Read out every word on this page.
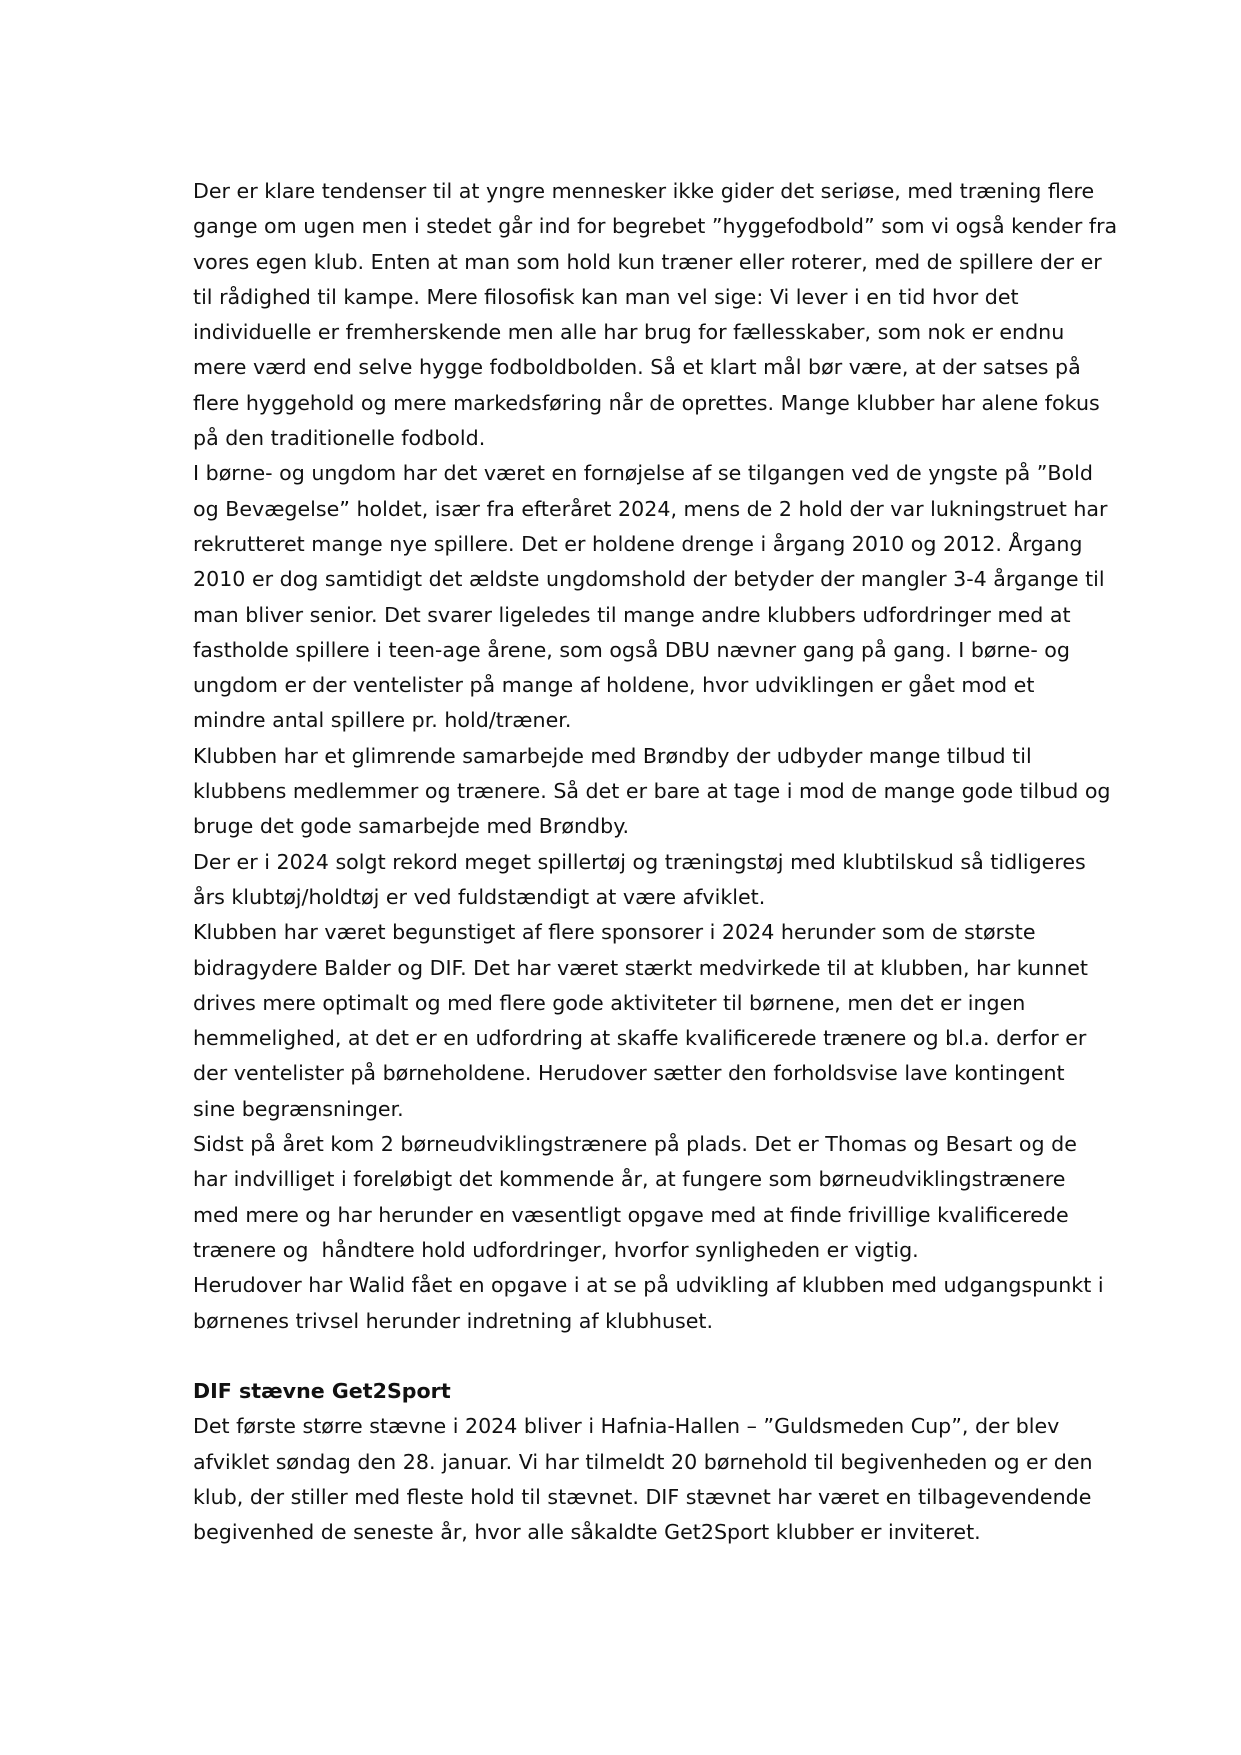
Der er klare tendenser til at yngre mennesker ikke gider det seriøse, med træning flere
gange om ugen men i stedet går ind for begrebet ”hyggefodbold” som vi også kender fra
vores egen klub. Enten at man som hold kun træner eller roterer, med de spillere der er
til rådighed til kampe. Mere filosofisk kan man vel sige: Vi lever i en tid hvor det
individuelle er fremherskende men alle har brug for fællesskaber, som nok er endnu
mere værd end selve hygge fodboldbolden. Så et klart mål bør være, at der satses på
flere hyggehold og mere markedsføring når de oprettes. Mange klubber har alene fokus
på den traditionelle fodbold.
I børne- og ungdom har det været en fornøjelse af se tilgangen ved de yngste på ”Bold
og Bevægelse” holdet, især fra efteråret 2024, mens de 2 hold der var lukningstruet har
rekrutteret mange nye spillere. Det er holdene drenge i årgang 2010 og 2012. Årgang
2010 er dog samtidigt det ældste ungdomshold der betyder der mangler 3-4 årgange til
man bliver senior. Det svarer ligeledes til mange andre klubbers udfordringer med at
fastholde spillere i teen-age årene, som også DBU nævner gang på gang. I børne- og
ungdom er der ventelister på mange af holdene, hvor udviklingen er gået mod et
mindre antal spillere pr. hold/træner.
Klubben har et glimrende samarbejde med Brøndby der udbyder mange tilbud til
klubbens medlemmer og trænere. Så det er bare at tage i mod de mange gode tilbud og
bruge det gode samarbejde med Brøndby.
Der er i 2024 solgt rekord meget spillertøj og træningstøj med klubtilskud så tidligeres
års klubtøj/holdtøj er ved fuldstændigt at være afviklet.
Klubben har været begunstiget af flere sponsorer i 2024 herunder som de største
bidragydere Balder og DIF. Det har været stærkt medvirkede til at klubben, har kunnet
drives mere optimalt og med flere gode aktiviteter til børnene, men det er ingen
hemmelighed, at det er en udfordring at skaffe kvalificerede trænere og bl.a. derfor er
der ventelister på børneholdene. Herudover sætter den forholdsvise lave kontingent
sine begrænsninger.
Sidst på året kom 2 børneudviklingstrænere på plads. Det er Thomas og Besart og de
har indvilliget i foreløbigt det kommende år, at fungere som børneudviklingstrænere
med mere og har herunder en væsentligt opgave med at finde frivillige kvalificerede
trænere og  håndtere hold udfordringer, hvorfor synligheden er vigtig.
Herudover har Walid fået en opgave i at se på udvikling af klubben med udgangspunkt i
børnenes trivsel herunder indretning af klubhuset.
DIF stævne Get2Sport
Det første større stævne i 2024 bliver i Hafnia-Hallen – ”Guldsmeden Cup”, der blev
afviklet søndag den 28. januar. Vi har tilmeldt 20 børnehold til begivenheden og er den
klub, der stiller med fleste hold til stævnet. DIF stævnet har været en tilbagevendende
begivenhed de seneste år, hvor alle såkaldte Get2Sport klubber er inviteret.
